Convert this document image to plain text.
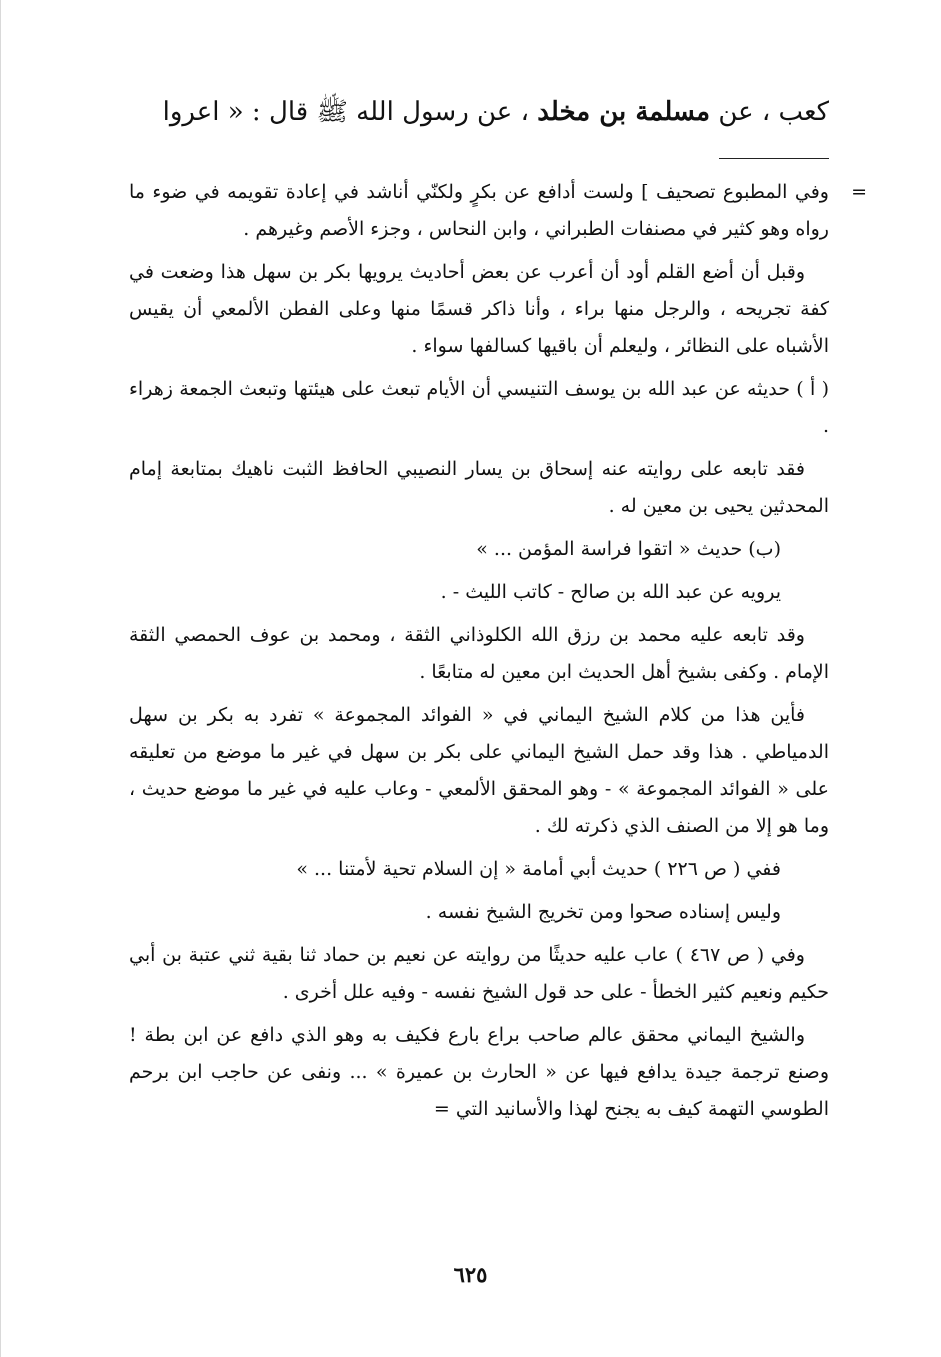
كعب ، عن مسلمة بن مخلد ، عن رسول الله ﷺ قال : « اعروا
=

وفي المطبوع تصحيف ] ولست أدافع عن بكرٍ ولكنّي أناشد في إعادة تقويمه في ضوء ما رواه وهو كثير في مصنفات الطبراني ، وابن النحاس ، وجزء الأصم وغيرهم .

وقبل أن أضع القلم أود أن أعرب عن بعض أحاديث يرويها بكر بن سهل هذا وضعت في كفة تجريحه ، والرجل منها براء ، وأنا ذاكر قسمًا منها وعلى الفطن الألمعي أن يقيس الأشباه على النظائر ، وليعلم أن باقيها كسالفها سواء .

( أ ) حديثه عن عبد الله بن يوسف التنيسي أن الأيام تبعث على هيئتها وتبعث الجمعة زهراء .

فقد تابعه على روايته عنه إسحاق بن يسار النصيبي الحافظ الثبت ناهيك بمتابعة إمام المحدثين يحيى بن معين له .

(ب) حديث « اتقوا فراسة المؤمن ... »

يرويه عن عبد الله بن صالح - كاتب الليث - .

وقد تابعه عليه محمد بن رزق الله الكلوذاني الثقة ، ومحمد بن عوف الحمصي الثقة الإمام . وكفى بشيخ أهل الحديث ابن معين له متابعًا .

فأين هذا من كلام الشيخ اليماني في « الفوائد المجموعة » تفرد به بكر بن سهل الدمياطي . هذا وقد حمل الشيخ اليماني على بكر بن سهل في غير ما موضع من تعليقه على « الفوائد المجموعة » - وهو المحقق الألمعي - وعاب عليه في غير ما موضع حديث ، وما هو إلا من الصنف الذي ذكرته لك .

ففي ( ص ٢٢٦ ) حديث أبي أمامة « إن السلام تحية لأمتنا ... »

وليس إسناده صحوا ومن تخريج الشيخ نفسه .

وفي ( ص ٤٦٧ ) عاب عليه حديثًا من روايته عن نعيم بن حماد ثنا بقية ثني عتبة بن أبي حكيم ونعيم كثير الخطأ - على حد قول الشيخ نفسه - وفيه علل أخرى .

والشيخ اليماني محقق عالم صاحب براع بارع فكيف به وهو الذي دافع عن ابن بطة ! وصنع ترجمة جيدة يدافع فيها عن « الحارث بن عميرة » ... ونفى عن حاجب ابن برحم الطوسي التهمة كيف به يجنح لهذا والأسانيد التي =

٦٢٥
